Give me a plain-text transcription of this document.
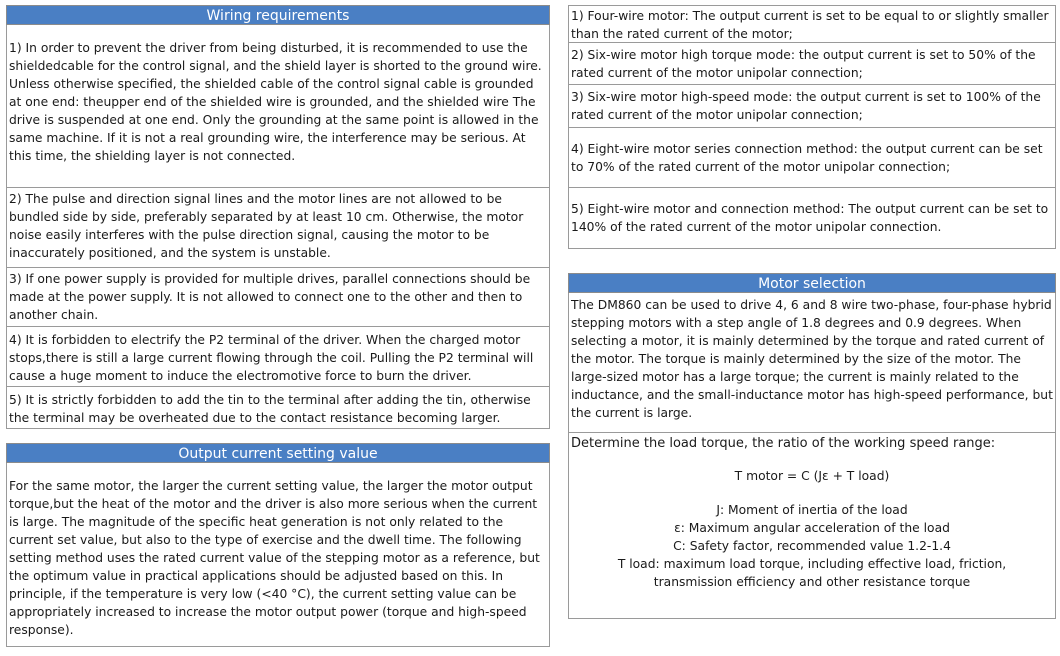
Wiring requirements

1) In order to prevent the driver from being disturbed, it is recommended to use the shieldedcable for the control signal, and the shield layer is shorted to the ground wire. Unless otherwise specified, the shielded cable of the control signal cable is grounded at one end: theupper end of the shielded wire is grounded, and the shielded wire The drive is suspended at one end. Only the grounding at the same point is allowed in the same machine. If it is not a real grounding wire, the interference may be serious. At this time, the shielding layer is not connected.

2) The pulse and direction signal lines and the motor lines are not allowed to be bundled side by side, preferably separated by at least 10 cm. Otherwise, the motor noise easily interferes with the pulse direction signal, causing the motor to be inaccurately positioned, and the system is unstable.

3) If one power supply is provided for multiple drives, parallel connections should be made at the power supply. It is not allowed to connect one to the other and then to another chain.

4) It is forbidden to electrify the P2 terminal of the driver. When the charged motor stops,there is still a large current flowing through the coil. Pulling the P2 terminal will cause a huge moment to induce the electromotive force to burn the driver.

5) It is strictly forbidden to add the tin to the terminal after adding the tin, otherwise the terminal may be overheated due to the contact resistance becoming larger.

Output current setting value

For the same motor, the larger the current setting value, the larger the motor output torque,but the heat of the motor and the driver is also more serious when the current is large. The magnitude of the specific heat generation is not only related to the current set value, but also to the type of exercise and the dwell time. The following setting method uses the rated current value of the stepping motor as a reference, but the optimum value in practical applications should be adjusted based on this. In principle, if the temperature is very low (<40 °C), the current setting value can be appropriately increased to increase the motor output power (torque and high-speed response).

1) Four-wire motor: The output current is set to be equal to or slightly smaller than the rated current of the motor;

2) Six-wire motor high torque mode: the output current is set to 50% of the rated current of the motor unipolar connection;

3) Six-wire motor high-speed mode: the output current is set to 100% of the rated current of the motor unipolar connection;

4) Eight-wire motor series connection method: the output current can be set to 70% of the rated current of the motor unipolar connection;

5) Eight-wire motor and connection method: The output current can be set to 140% of the rated current of the motor unipolar connection.

Motor selection

The DM860 can be used to drive 4, 6 and 8 wire two-phase, four-phase hybrid stepping motors with a step angle of 1.8 degrees and 0.9 degrees. When selecting a motor, it is mainly determined by the torque and rated current of the motor. The torque is mainly determined by the size of the motor. The large-sized motor has a large torque; the current is mainly related to the inductance, and the small-inductance motor has high-speed performance, but the current is large.

Determine the load torque, the ratio of the working speed range:

T motor = C (Jε + T load)
J: Moment of inertia of the load
ε: Maximum angular acceleration of the load
C: Safety factor, recommended value 1.2-1.4
T load: maximum load torque, including effective load, friction,
transmission efficiency and other resistance torque
